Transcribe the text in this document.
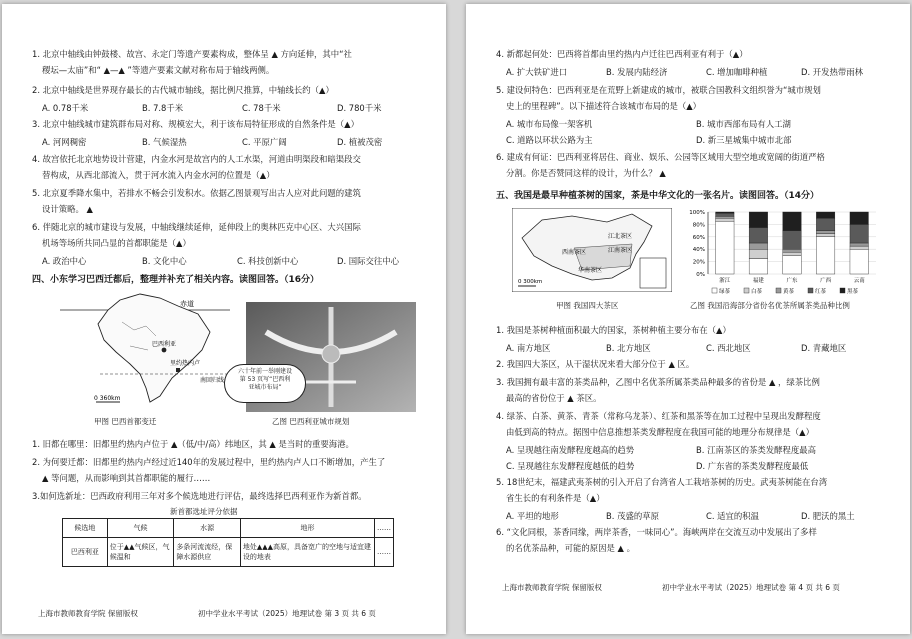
1. 北京中轴线由钟鼓楼、故宫、永定门等遗产要素构成，整体呈 ▲ 方向延伸，其中“社
稷坛—太庙”和“ ▲—▲ ”等遗产要素文献对称布局于轴线两侧。
2. 北京中轴线是世界现存最长的古代城市轴线，据比例尺推算，中轴线长约（▲）
A. 0.78千米	B. 7.8千米	C. 78千米	D. 780千米
3. 北京中轴线城市建筑群布局对称、规模宏大，利于该布局特征形成的自然条件是（▲）
A. 河网稠密	B. 气候湿热	C. 平原广阔	D. 植被茂密
4. 故宫依托北京地势设计营建，内金水河是故宫内的人工水渠，河道由明渠段和暗渠段交
替构成，从西北部流入，贯于河水流入内金水河的位置是（▲）
5. 北京夏季降水集中，若排水不畅会引发积水。依据乙图景观写出古人应对此问题的建筑
设计策略。 ▲
6. 伴随北京的城市建设与发展，中轴线继续延伸，延伸段上的奥林匹克中心区、大兴国际
机场等场所共同凸显的首都职能是（▲）
A. 政治中心	B. 文化中心	C. 科技创新中心	D. 国际交往中心
四、小东学习巴西迁都后，整理并补充了相关内容。读图回答。（16分）
赤道
巴西利亚
里约热内卢
南回归线
0 360km
六十年前一举刚建设
第 53 页写“巴西利
亚城市布局”
甲图 巴西首都变迁	乙图 巴西利亚城市规划
1. 旧都在哪里：旧都里约热内卢位于 ▲（低/中/高）纬地区，其 ▲ 是当时的重要海港。
2. 为何要迁都：旧都里约热内卢经过近140年的发展过程中，里约热内卢人口不断增加，产生了
▲ 等问题，从而影响到其首都职能的履行……
3.如何选新址：巴西政府利用三年对多个候选地进行评估，最终选择巴西利亚作为新首都。
新首都选址评分依据
候选地	气候	水源	地形	……
巴西利亚	位于▲▲气候区，气候温和	多条河流流经，保障水源供应	地处▲▲▲高原，具备宽广的空地与适宜建设的地表	……
上海市教师教育学院 保留版权	初中学业水平考试（2025）地理试卷 第 3 页 共 6 页
4. 新都起何处：巴西将首都由里约热内卢迁往巴西利亚有利于（▲）
A. 扩大铁矿进口	B. 发展内陆经济	C. 增加咖啡种植	D. 开发热带雨林
5. 建设何特色：巴西利亚是在荒野上新建成的城市，被联合国教科文组织誉为“城市规划
史上的里程碑”。以下描述符合该城市布局的是（▲）
A. 城市布局像一架客机	B. 城市西部布局有人工湖
C. 道路以环状公路为主	D. 新三星城集中城市北部
6. 建成有何证：巴西利亚将居住、商业、娱乐、公园等区域用大型空地或宽阔的街道严格
分割。你是否赞同这样的设计，为什么？ ▲
五、我国是最早种植茶树的国家，茶是中华文化的一张名片。读图回答。（14分）
江北茶区
江南茶区
西南茶区
华南茶区
0 300km
100%
80%
60%
40%
20%
0%
浙江	福建	广东	广西	云南
绿茶	白茶	黄茶	红茶	黑茶
甲图 我国四大茶区	乙图 我国沿海部分省份名优茶所属茶类品种比例
1. 我国是茶树种植面积最大的国家，茶树种植主要分布在（▲）
A. 南方地区	B. 北方地区	C. 西北地区	D. 青藏地区
2. 我国四大茶区，从干湿状况来看大部分位于 ▲ 区。
3. 我国拥有最丰富的茶类品种，乙图中名优茶所属茶类品种最多的省份是 ▲ ，绿茶比例
最高的省份位于 ▲ 茶区。
4. 绿茶、白茶、黄茶、青茶（常称乌龙茶）、红茶和黑茶等在加工过程中呈现出发酵程度
由低到高的特点。据图中信息推想茶类发酵程度在我国可能的地理分布规律是（▲）
A. 呈现越往南发酵程度越高的趋势	B. 江南茶区的茶类发酵程度最高
C. 呈现越往东发酵程度越低的趋势	D. 广东省的茶类发酵程度最低
5. 18世纪末，福建武夷茶树的引入开启了台湾省人工栽培茶树的历史。武夷茶树能在台湾
省生长的有利条件是（▲）
A. 平坦的地形	B. 茂盛的草原	C. 适宜的积温	D. 肥沃的黑土
6. “文化同根，茶香同缘，两岸茶香，一味同心”。海峡两岸在交流互动中发展出了多样
的名优茶品种，可能的原因是 ▲ 。
上海市教师教育学院 保留版权	初中学业水平考试（2025）地理试卷 第 4 页 共 6 页
